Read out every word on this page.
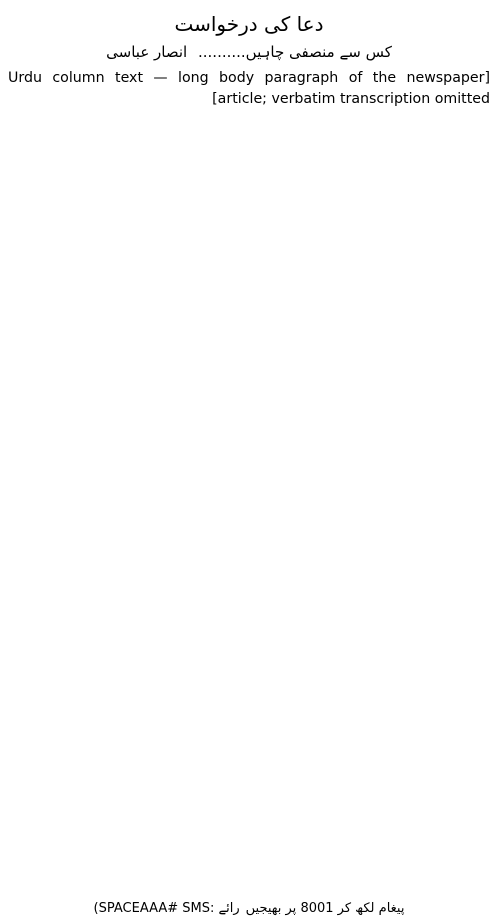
دعا کی درخواست
کس سے منصفی چاہیں.......... انصار عباسی

[Urdu column text — long body paragraph of the newspaper article; verbatim transcription omitted]

پیغام لکھ کر 8001 پر بھیجیں
(SPACEAAA# SMS: رائے
